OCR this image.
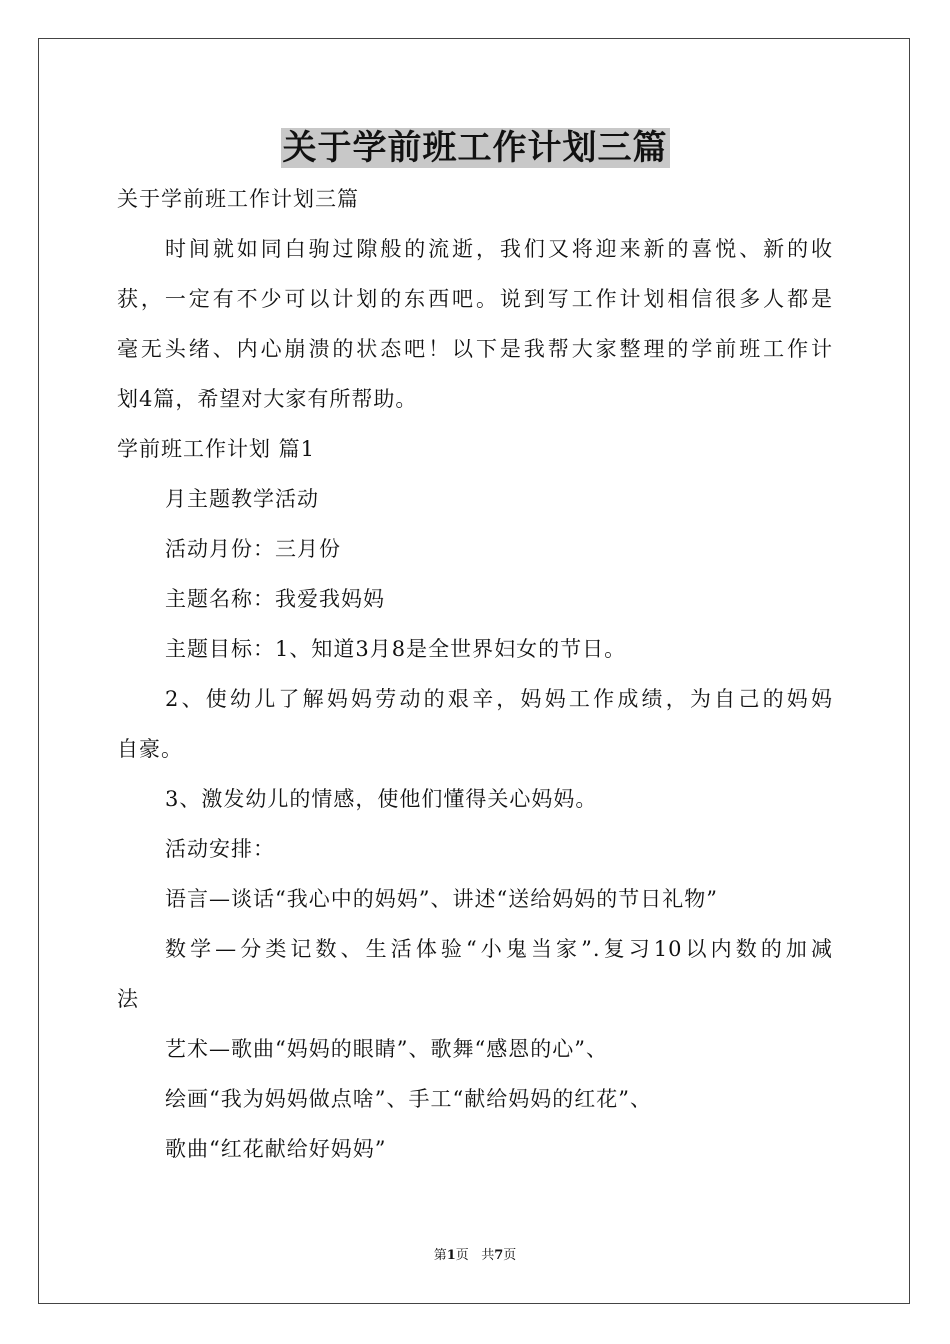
关于学前班工作计划三篇

关于学前班工作计划三篇

时间就如同白驹过隙般的流逝，我们又将迎来新的喜悦、新的收

获，一定有不少可以计划的东西吧。说到写工作计划相信很多人都是

毫无头绪、内心崩溃的状态吧！以下是我帮大家整理的学前班工作计

划4篇，希望对大家有所帮助。

学前班工作计划 篇1

月主题教学活动

活动月份：三月份

主题名称：我爱我妈妈

主题目标：1、知道3月8是全世界妇女的节日。

2、使幼儿了解妈妈劳动的艰辛，妈妈工作成绩，为自己的妈妈

自豪。

3、激发幼儿的情感，使他们懂得关心妈妈。

活动安排：

语言—谈话“我心中的妈妈”、讲述“送给妈妈的节日礼物”

数学—分类记数、生活体验“小鬼当家”.复习10以内数的加减

法

艺术—歌曲“妈妈的眼睛”、歌舞“感恩的心”、

绘画“我为妈妈做点啥”、手工“献给妈妈的红花”、

歌曲“红花献给好妈妈”

第1页 共7页
